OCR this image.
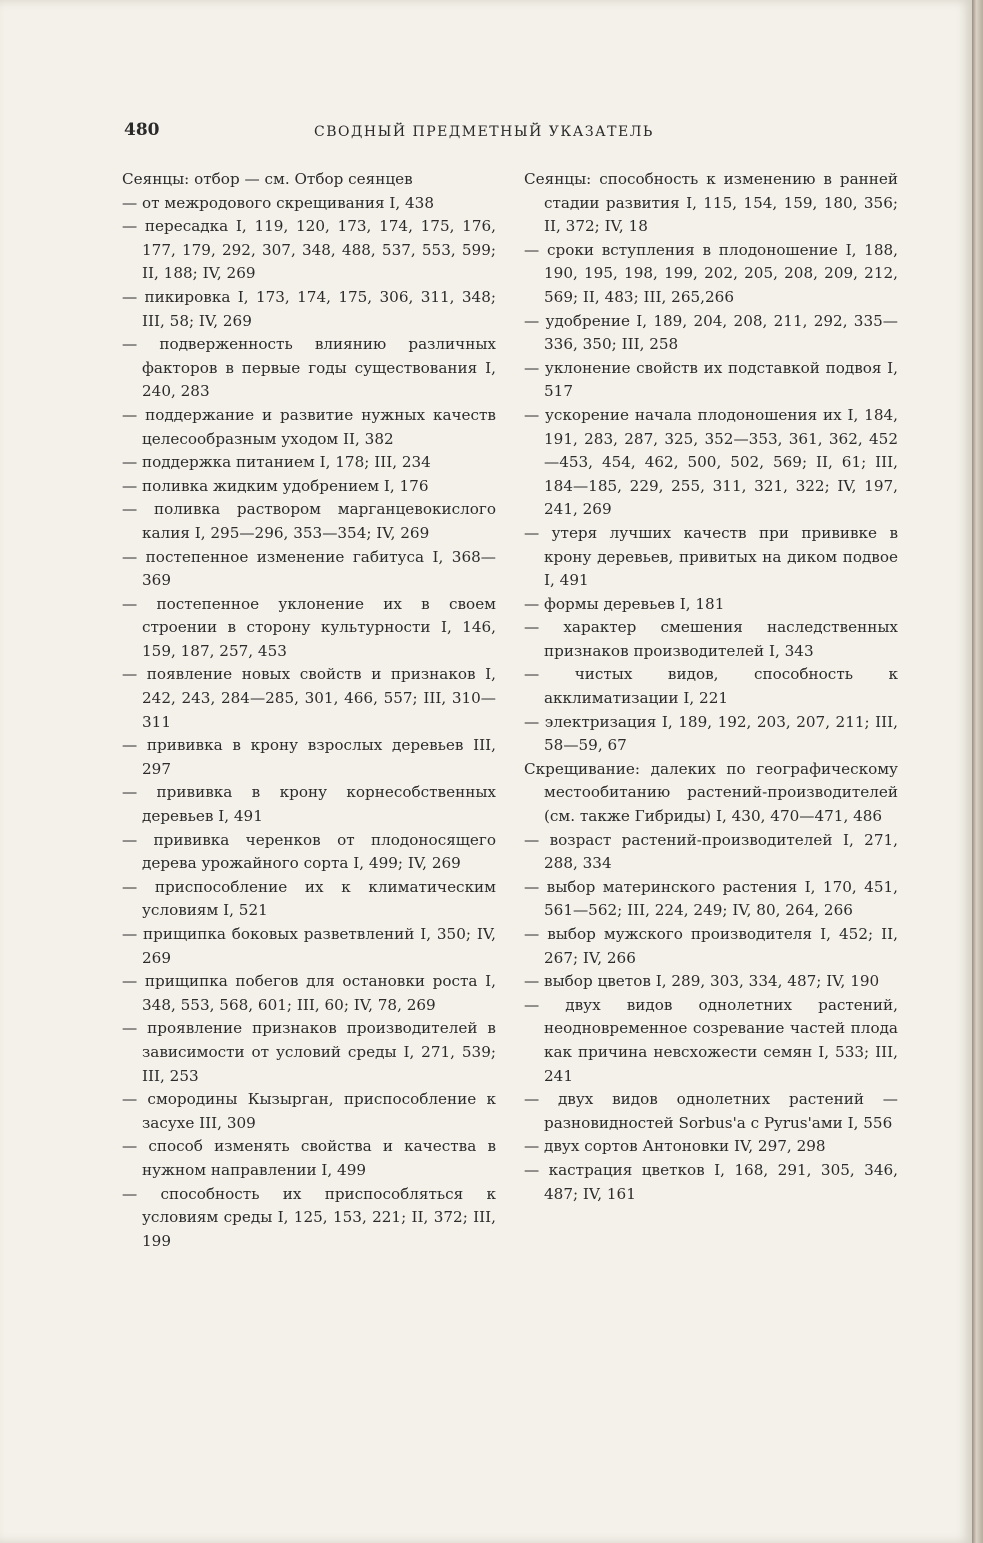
480	СВОДНЫЙ ПРЕДМЕТНЫЙ УКАЗАТЕЛЬ

Сеянцы: отбор — см. Отбор сеянцев

— от межродового скрещивания I, 438

— пересадка I, 119, 120, 173, 174, 175, 176, 177, 179, 292, 307, 348, 488, 537, 553, 599; II, 188; IV, 269

— пикировка I, 173, 174, 175, 306, 311, 348; III, 58; IV, 269

— подверженность влиянию различных факторов в первые годы существования I, 240, 283

— поддержание и развитие нужных качеств целесообразным уходом II, 382

— поддержка питанием I, 178; III, 234

— поливка жидким удобрением I, 176

— поливка раствором марганцевокислого калия I, 295—296, 353—354; IV, 269

— постепенное изменение габитуса I, 368—369

— постепенное уклонение их в своем строении в сторону культурности I, 146, 159, 187, 257, 453

— появление новых свойств и признаков I, 242, 243, 284—285, 301, 466, 557; III, 310—311

— прививка в крону взрослых деревьев III, 297

— прививка в крону корнесобственных деревьев I, 491

— прививка черенков от плодоносящего дерева урожайного сорта I, 499; IV, 269

— приспособление их к климатическим условиям I, 521

— прищипка боковых разветвлений I, 350; IV, 269

— прищипка побегов для остановки роста I, 348, 553, 568, 601; III, 60; IV, 78, 269

— проявление признаков производителей в зависимости от условий среды I, 271, 539; III, 253

— смородины Кызырган, приспособление к засухе III, 309

— способ изменять свойства и качества в нужном направлении I, 499

— способность их приспособляться к условиям среды I, 125, 153, 221; II, 372; III, 199

Сеянцы: способность к изменению в ранней стадии развития I, 115, 154, 159, 180, 356; II, 372; IV, 18

— сроки вступления в плодоношение I, 188, 190, 195, 198, 199, 202, 205, 208, 209, 212, 569; II, 483; III, 265,266

— удобрение I, 189, 204, 208, 211, 292, 335—336, 350; III, 258

— уклонение свойств их подставкой подвоя I, 517

— ускорение начала плодоношения их I, 184, 191, 283, 287, 325, 352—353, 361, 362, 452—453, 454, 462, 500, 502, 569; II, 61; III, 184—185, 229, 255, 311, 321, 322; IV, 197, 241, 269

— утеря лучших качеств при прививке в крону деревьев, привитых на диком подвое I, 491

— формы деревьев I, 181

— характер смешения наследственных признаков производителей I, 343

— чистых видов, способность к акклиматизации I, 221

— электризация I, 189, 192, 203, 207, 211; III, 58—59, 67

Скрещивание: далеких по географическому местообитанию растений-производителей (см. также Гибриды) I, 430, 470—471, 486

— возраст растений-производителей I, 271, 288, 334

— выбор материнского растения I, 170, 451, 561—562; III, 224, 249; IV, 80, 264, 266

— выбор мужского производителя I, 452; II, 267; IV, 266

— выбор цветов I, 289, 303, 334, 487; IV, 190

— двух видов однолетних растений, неодновременное созревание частей плода как причина невсхожести семян I, 533; III, 241

— двух видов однолетних растений — разновидностей Sorbus'а с Pyrus'ами I, 556

— двух сортов Антоновки IV, 297, 298

— кастрация цветков I, 168, 291, 305, 346, 487; IV, 161
